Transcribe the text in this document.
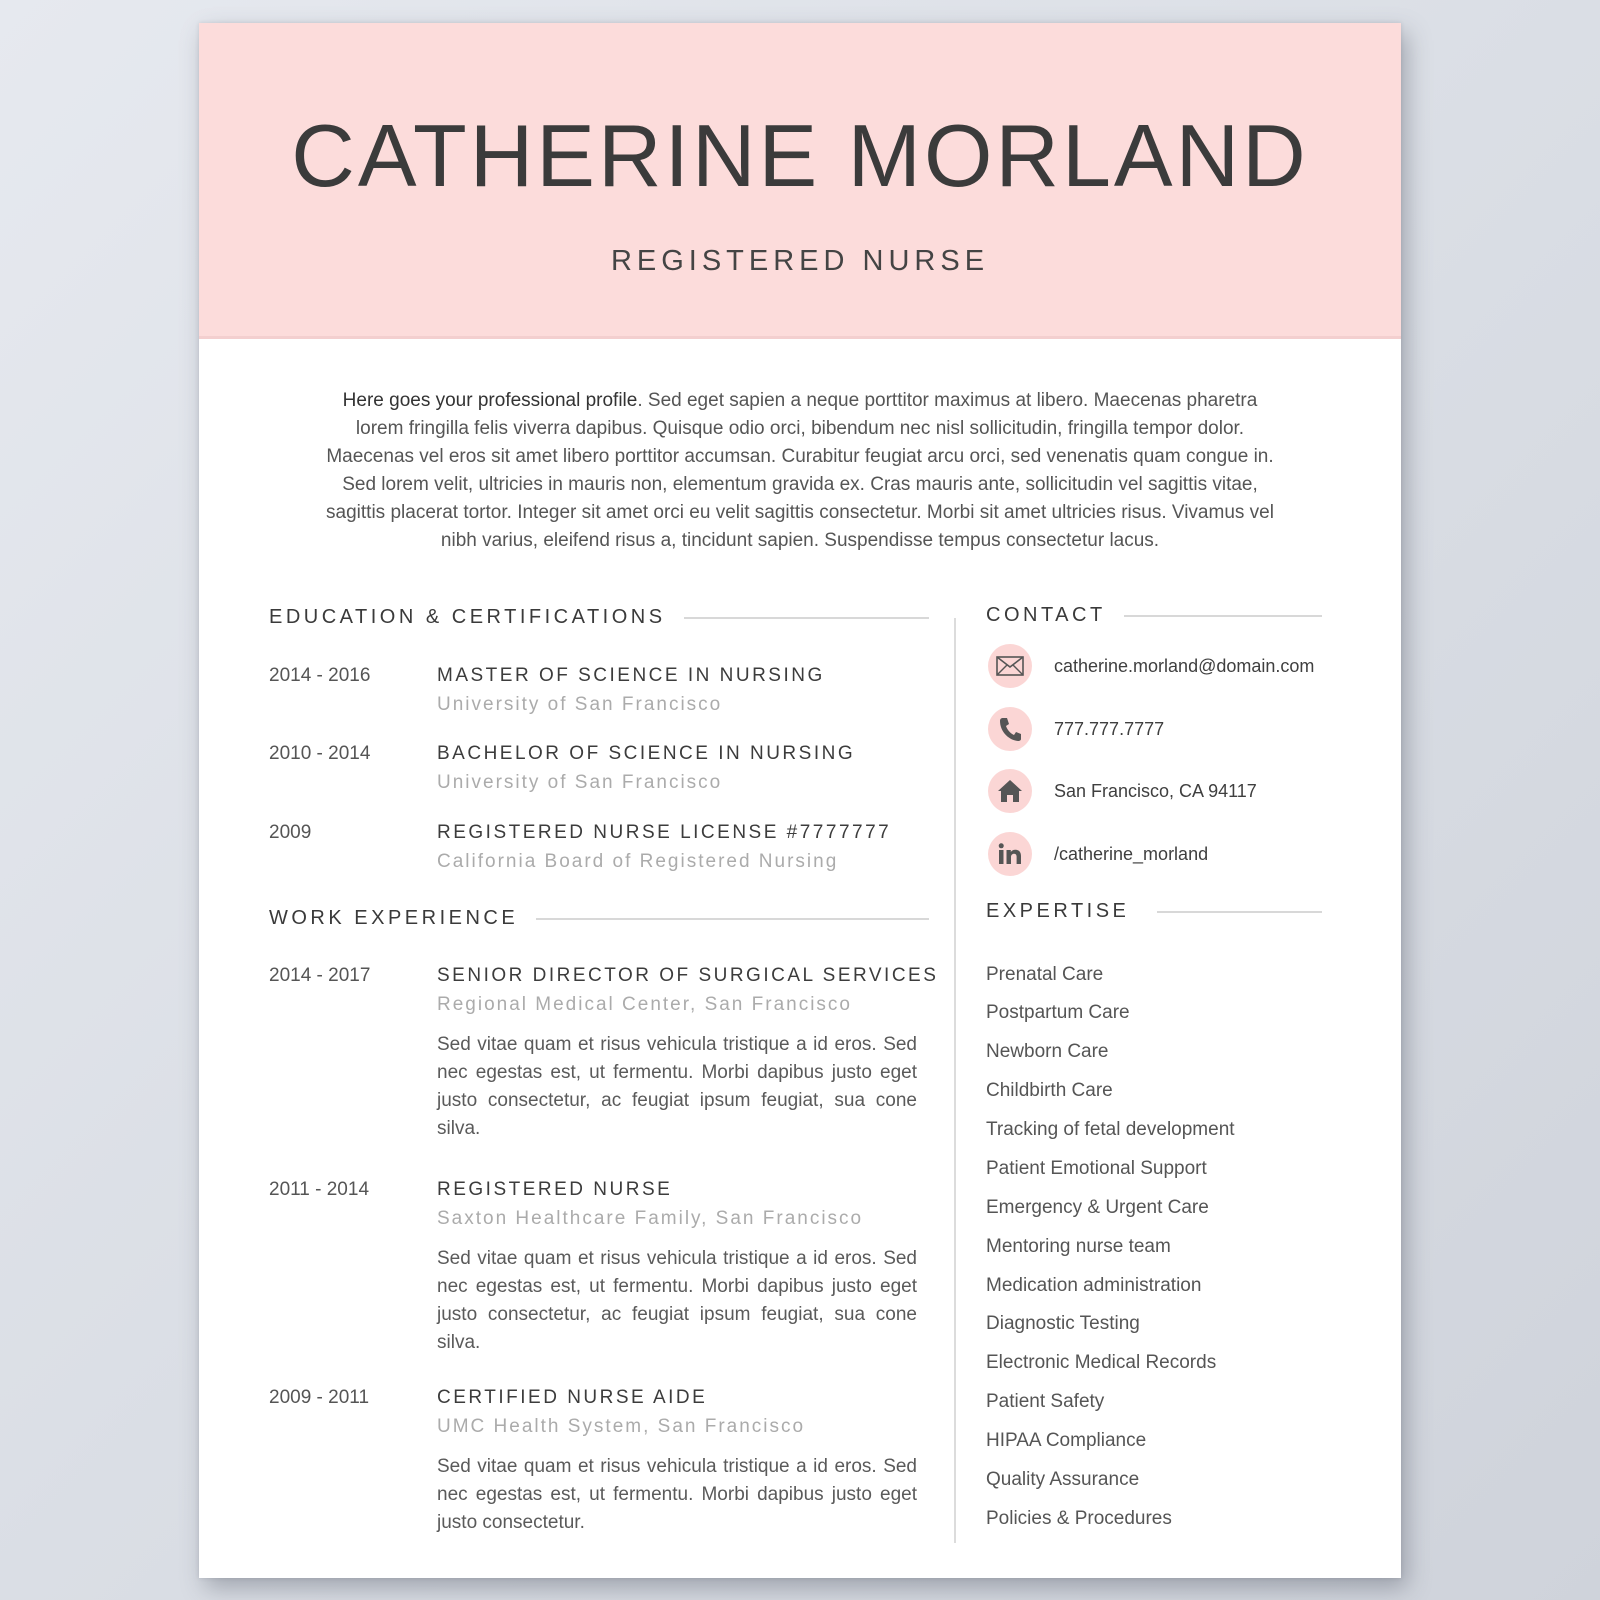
CATHERINE MORLAND
REGISTERED NURSE
Here goes your professional profile. Sed eget sapien a neque porttitor maximus at libero. Maecenas pharetra lorem fringilla felis viverra dapibus. Quisque odio orci, bibendum nec nisl sollicitudin, fringilla tempor dolor. Maecenas vel eros sit amet libero porttitor accumsan. Curabitur feugiat arcu orci, sed venenatis quam congue in. Sed lorem velit, ultricies in mauris non, elementum gravida ex. Cras mauris ante, sollicitudin vel sagittis vitae, sagittis placerat tortor. Integer sit amet orci eu velit sagittis consectetur. Morbi sit amet ultricies risus. Vivamus vel nibh varius, eleifend risus a, tincidunt sapien. Suspendisse tempus consectetur lacus.
EDUCATION & CERTIFICATIONS
2014 - 2016	MASTER OF SCIENCE IN NURSING
University of San Francisco
2010 - 2014	BACHELOR OF SCIENCE IN NURSING
University of San Francisco
2009	REGISTERED NURSE LICENSE #7777777
California Board of Registered Nursing
WORK EXPERIENCE
2014 - 2017	SENIOR DIRECTOR OF SURGICAL SERVICES
Regional Medical Center, San Francisco
Sed vitae quam et risus vehicula tristique a id eros. Sed nec egestas est, ut fermentu. Morbi dapibus justo eget justo consectetur, ac feugiat ipsum feugiat, sua cone silva.
2011 - 2014	REGISTERED NURSE
Saxton Healthcare Family, San Francisco
Sed vitae quam et risus vehicula tristique a id eros. Sed nec egestas est, ut fermentu. Morbi dapibus justo eget justo consectetur, ac feugiat ipsum feugiat, sua cone silva.
2009 - 2011	CERTIFIED NURSE AIDE
UMC Health System, San Francisco
Sed vitae quam et risus vehicula tristique a id eros. Sed nec egestas est, ut fermentu. Morbi dapibus justo eget justo consectetur.
CONTACT
catherine.morland@domain.com
777.777.7777
San Francisco, CA 94117
/catherine_morland
EXPERTISE
Prenatal Care
Postpartum Care
Newborn Care
Childbirth Care
Tracking of fetal development
Patient Emotional Support
Emergency & Urgent Care
Mentoring nurse team
Medication administration
Diagnostic Testing
Electronic Medical Records
Patient Safety
HIPAA Compliance
Quality Assurance
Policies & Procedures
